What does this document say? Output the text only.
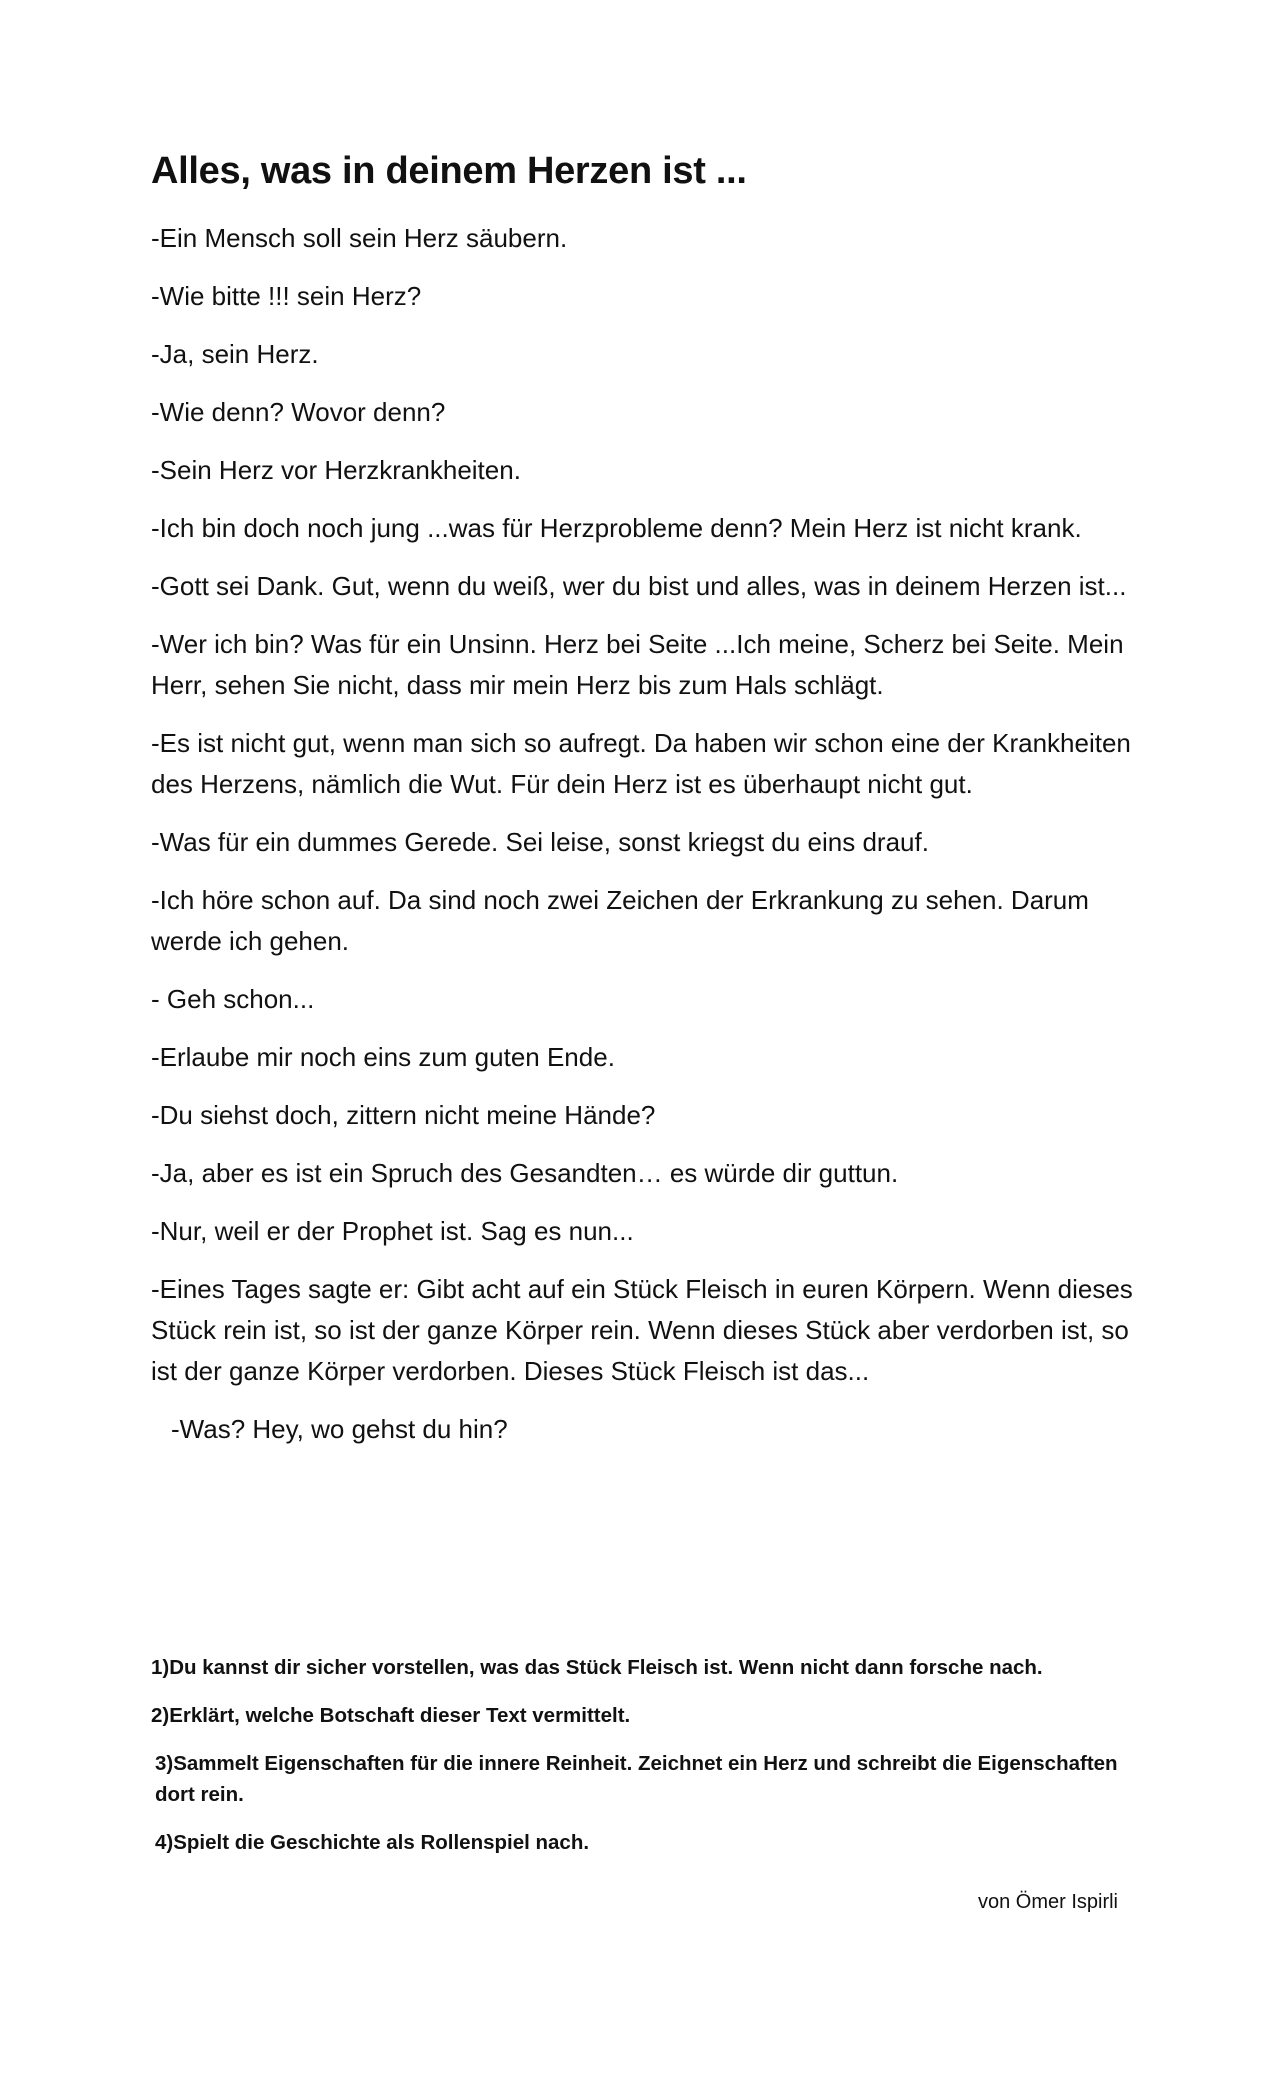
Alles, was in deinem Herzen ist ...

-Ein Mensch soll sein Herz säubern.

-Wie bitte !!! sein Herz?

-Ja, sein Herz.

-Wie denn? Wovor denn?

-Sein Herz vor Herzkrankheiten.

-Ich bin doch noch jung ...was für Herzprobleme denn? Mein Herz ist nicht krank.

-Gott sei Dank. Gut, wenn du weiß, wer du bist und alles, was in deinem Herzen ist...

-Wer ich bin? Was für ein Unsinn. Herz bei Seite ...Ich meine, Scherz bei Seite. Mein Herr, sehen Sie nicht, dass mir mein Herz bis zum Hals schlägt.

-Es ist nicht gut, wenn man sich so aufregt. Da haben wir schon eine der Krankheiten des Herzens, nämlich die Wut. Für dein Herz ist es überhaupt nicht gut.

-Was für ein dummes Gerede. Sei leise, sonst kriegst du eins drauf.

-Ich höre schon auf. Da sind noch zwei Zeichen der Erkrankung zu sehen. Darum werde ich gehen.

- Geh schon...

-Erlaube mir noch eins zum guten Ende.

-Du siehst doch, zittern nicht meine Hände?

-Ja, aber es ist ein Spruch des Gesandten… es würde dir guttun.

-Nur, weil er der Prophet ist. Sag es nun...

-Eines Tages sagte er: Gibt acht auf ein Stück Fleisch in euren Körpern. Wenn dieses Stück rein ist, so ist der ganze Körper rein. Wenn dieses Stück aber verdorben ist, so ist der ganze Körper verdorben. Dieses Stück Fleisch ist das...

-Was? Hey, wo gehst du hin?

1)Du kannst dir sicher vorstellen, was das Stück Fleisch ist. Wenn nicht dann forsche nach.

2)Erklärt, welche Botschaft dieser Text vermittelt.

3)Sammelt Eigenschaften für die innere Reinheit. Zeichnet ein Herz und schreibt die Eigenschaften dort rein.

4)Spielt die Geschichte als Rollenspiel nach.

von Ömer Ispirli
